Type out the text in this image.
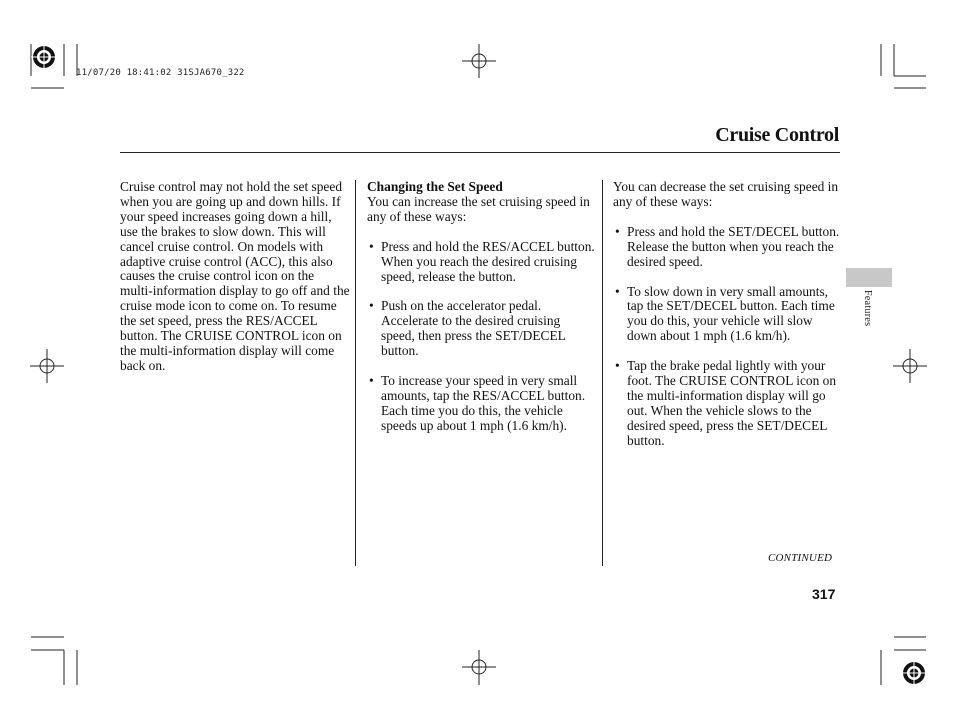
11/07/20 18:41:02 31SJA670_322
Cruise Control

Cruise control may not hold the set speed when you are going up and down hills. If your speed increases going down a hill, use the brakes to slow down. This will cancel cruise control. On models with adaptive cruise control (ACC), this also causes the cruise control icon on the multi-information display to go off and the cruise mode icon to come on. To resume the set speed, press the RES/ACCEL button. The CRUISE CONTROL icon on the multi-information display will come back on.

Changing the Set Speed

You can increase the set cruising speed in any of these ways:

• Press and hold the RES/ACCEL button. When you reach the desired cruising speed, release the button.
• Push on the accelerator pedal. Accelerate to the desired cruising speed, then press the SET/DECEL button.
• To increase your speed in very small amounts, tap the RES/ACCEL button. Each time you do this, the vehicle speeds up about 1 mph (1.6 km/h).

You can decrease the set cruising speed in any of these ways:

• Press and hold the SET/DECEL button. Release the button when you reach the desired speed.
• To slow down in very small amounts, tap the SET/DECEL button. Each time you do this, your vehicle will slow down about 1 mph (1.6 km/h).
• Tap the brake pedal lightly with your foot. The CRUISE CONTROL icon on the multi-information display will go out. When the vehicle slows to the desired speed, press the SET/DECEL button.
Features
CONTINUED
317
